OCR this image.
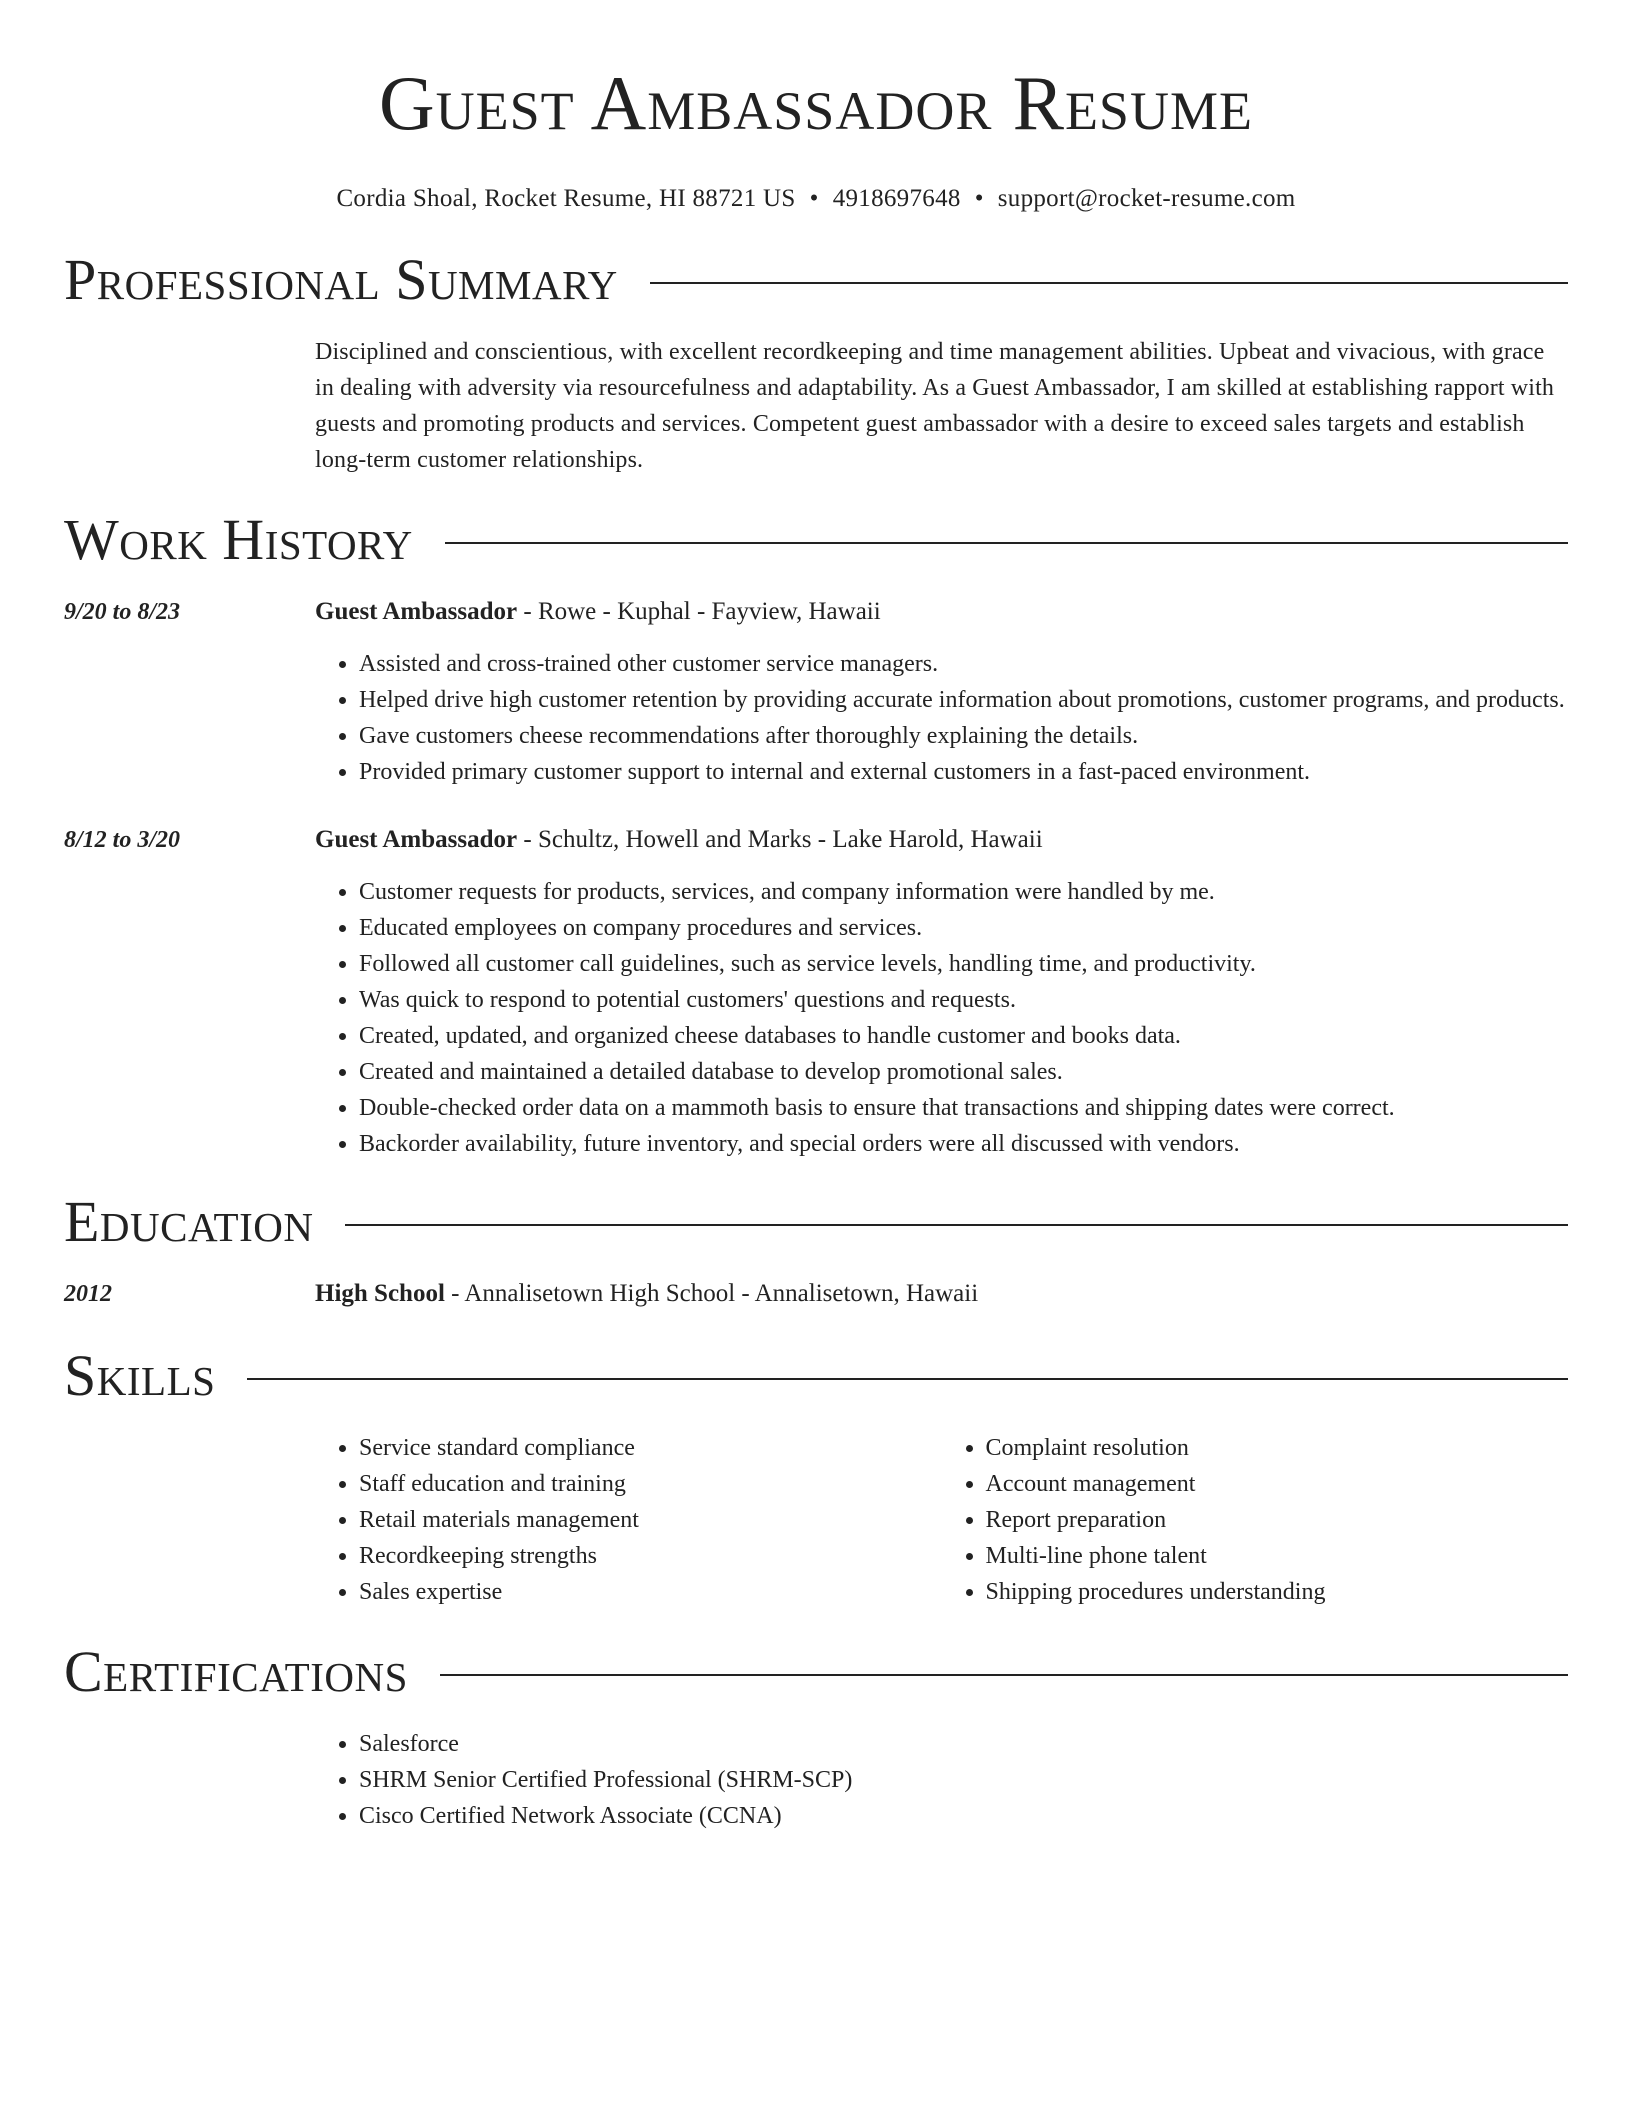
Guest Ambassador Resume
Cordia Shoal, Rocket Resume, HI 88721 US • 4918697648 • support@rocket-resume.com
Professional Summary

Disciplined and conscientious, with excellent recordkeeping and time management abilities. Upbeat and vivacious, with grace in dealing with adversity via resourcefulness and adaptability. As a Guest Ambassador, I am skilled at establishing rapport with guests and promoting products and services. Competent guest ambassador with a desire to exceed sales targets and establish long-term customer relationships.

Work History
9/20 to 8/23	Guest Ambassador - Rowe - Kuphal - Fayview, Hawaii
• Assisted and cross-trained other customer service managers.
• Helped drive high customer retention by providing accurate information about promotions, customer programs, and products.
• Gave customers cheese recommendations after thoroughly explaining the details.
• Provided primary customer support to internal and external customers in a fast-paced environment.
8/12 to 3/20	Guest Ambassador - Schultz, Howell and Marks - Lake Harold, Hawaii
• Customer requests for products, services, and company information were handled by me.
• Educated employees on company procedures and services.
• Followed all customer call guidelines, such as service levels, handling time, and productivity.
• Was quick to respond to potential customers' questions and requests.
• Created, updated, and organized cheese databases to handle customer and books data.
• Created and maintained a detailed database to develop promotional sales.
• Double-checked order data on a mammoth basis to ensure that transactions and shipping dates were correct.
• Backorder availability, future inventory, and special orders were all discussed with vendors.
Education
2012	High School - Annalisetown High School - Annalisetown, Hawaii
Skills
• Service standard compliance
• Staff education and training
• Retail materials management
• Recordkeeping strengths
• Sales expertise
• Complaint resolution
• Account management
• Report preparation
• Multi-line phone talent
• Shipping procedures understanding
Certifications
• Salesforce
• SHRM Senior Certified Professional (SHRM-SCP)
• Cisco Certified Network Associate (CCNA)
